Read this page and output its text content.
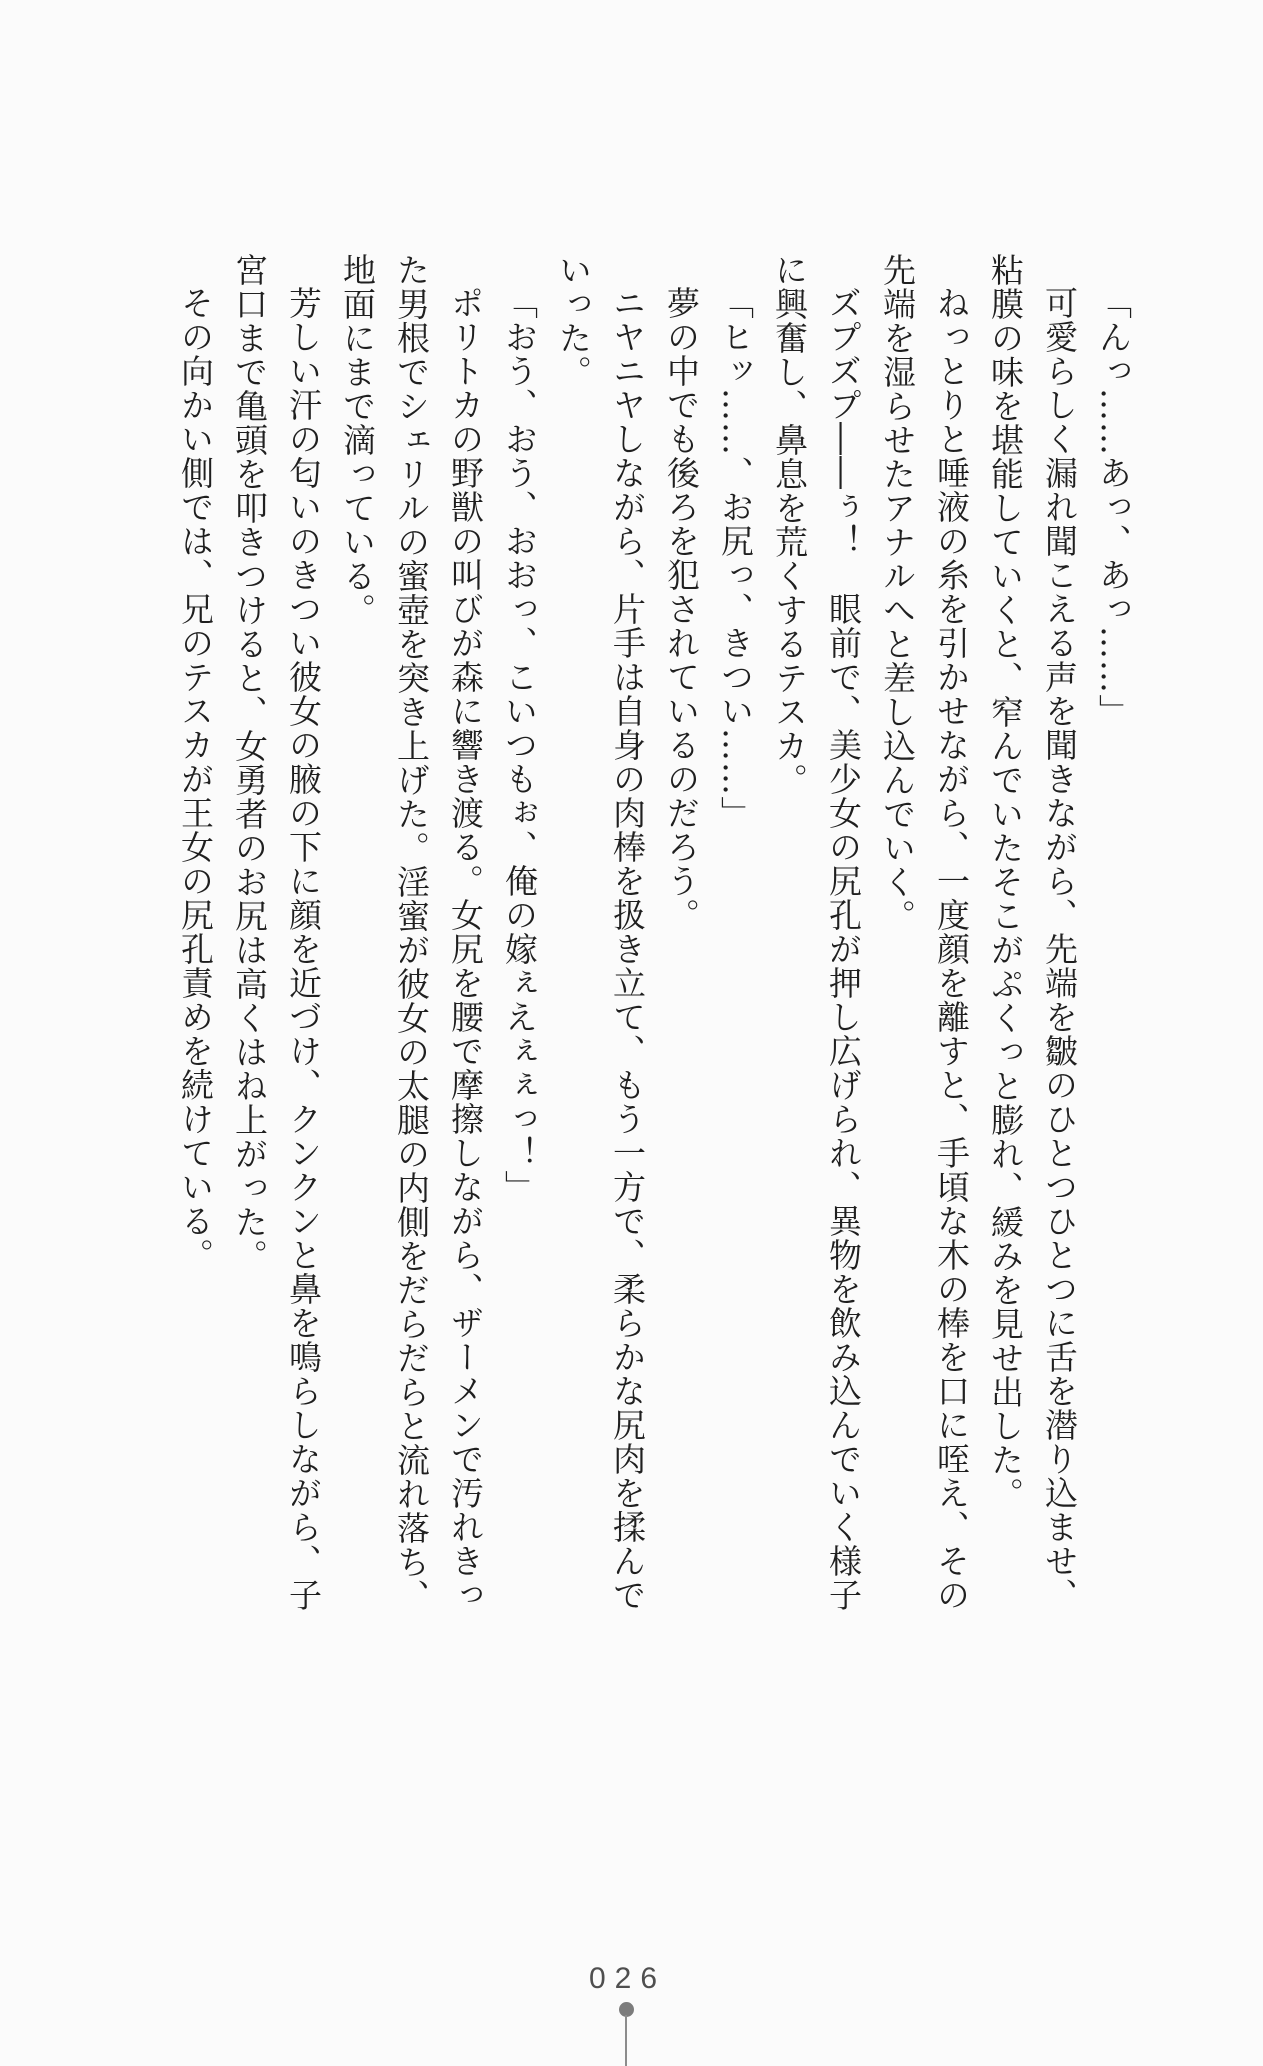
「んっ……あっ、あっ……」

可愛らしく漏れ聞こえる声を聞きながら、先端を皺のひとつひとつに舌を潜り込ませ、粘膜の味を堪能していくと、窄んでいたそこがぷくっと膨れ、緩みを見せ出した。

ねっとりと唾液の糸を引かせながら、一度顔を離すと、手頃な木の棒を口に咥え、その先端を湿らせたアナルへと差し込んでいく。

ズプズプ――ぅ！　眼前で、美少女の尻孔が押し広げられ、異物を飲み込んでいく様子に興奮し、鼻息を荒くするテスカ。

「ヒッ……、お尻っ、きつい……」

夢の中でも後ろを犯されているのだろう。

ニヤニヤしながら、片手は自身の肉棒を扱き立て、もう一方で、柔らかな尻肉を揉んでいった。

「おう、おう、おおっ、こいつもぉ、俺の嫁ぇえぇぇっ！」

ポリトカの野獣の叫びが森に響き渡る。女尻を腰で摩擦しながら、ザーメンで汚れきった男根でシェリルの蜜壺を突き上げた。淫蜜が彼女の太腿の内側をだらだらと流れ落ち、地面にまで滴っている。

芳しい汗の匂いのきつい彼女の腋の下に顔を近づけ、クンクンと鼻を鳴らしながら、子宮口まで亀頭を叩きつけると、女勇者のお尻は高くはね上がった。

その向かい側では、兄のテスカが王女の尻孔責めを続けている。

026
